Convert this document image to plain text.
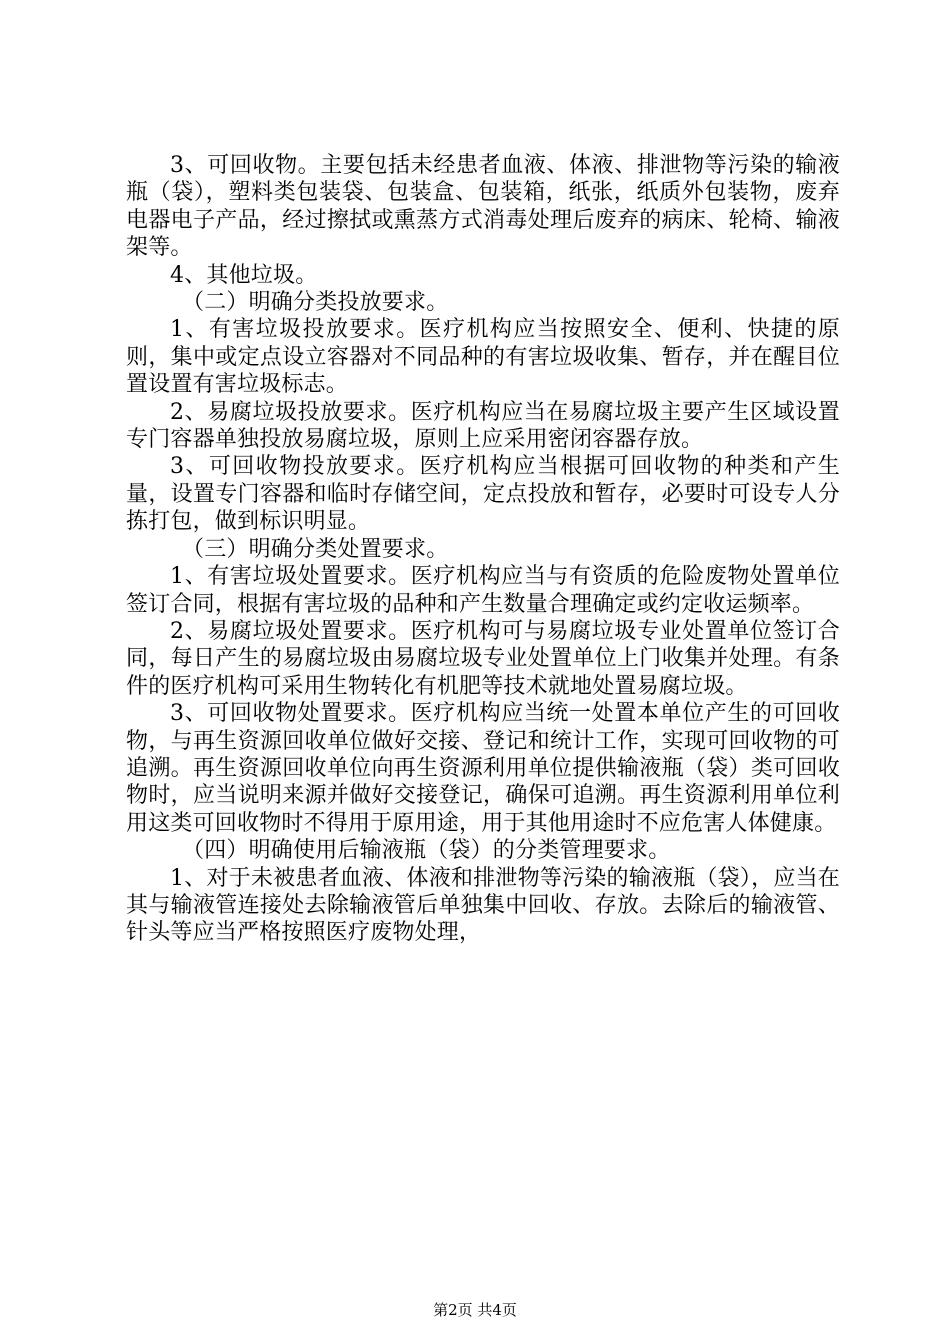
3、可回收物。主要包括未经患者血液、体液、排泄物等污染的输液瓶（袋），塑料类包装袋、包装盒、包装箱，纸张，纸质外包装物，废弃电器电子产品，经过擦拭或熏蒸方式消毒处理后废弃的病床、轮椅、输液架等。

4、其他垃圾。

（二）明确分类投放要求。

1、有害垃圾投放要求。医疗机构应当按照安全、便利、快捷的原则，集中或定点设立容器对不同品种的有害垃圾收集、暂存，并在醒目位置设置有害垃圾标志。

2、易腐垃圾投放要求。医疗机构应当在易腐垃圾主要产生区域设置专门容器单独投放易腐垃圾，原则上应采用密闭容器存放。

3、可回收物投放要求。医疗机构应当根据可回收物的种类和产生量，设置专门容器和临时存储空间，定点投放和暂存，必要时可设专人分拣打包，做到标识明显。

（三）明确分类处置要求。

1、有害垃圾处置要求。医疗机构应当与有资质的危险废物处置单位签订合同，根据有害垃圾的品种和产生数量合理确定或约定收运频率。

2、易腐垃圾处置要求。医疗机构可与易腐垃圾专业处置单位签订合同，每日产生的易腐垃圾由易腐垃圾专业处置单位上门收集并处理。有条件的医疗机构可采用生物转化有机肥等技术就地处置易腐垃圾。

3、可回收物处置要求。医疗机构应当统一处置本单位产生的可回收物，与再生资源回收单位做好交接、登记和统计工作，实现可回收物的可追溯。再生资源回收单位向再生资源利用单位提供输液瓶（袋）类可回收物时，应当说明来源并做好交接登记，确保可追溯。再生资源利用单位利用这类可回收物时不得用于原用途，用于其他用途时不应危害人体健康。

（四）明确使用后输液瓶（袋）的分类管理要求。

1、对于未被患者血液、体液和排泄物等污染的输液瓶（袋），应当在其与输液管连接处去除输液管后单独集中回收、存放。去除后的输液管、针头等应当严格按照医疗废物处理，

第2页 共4页
